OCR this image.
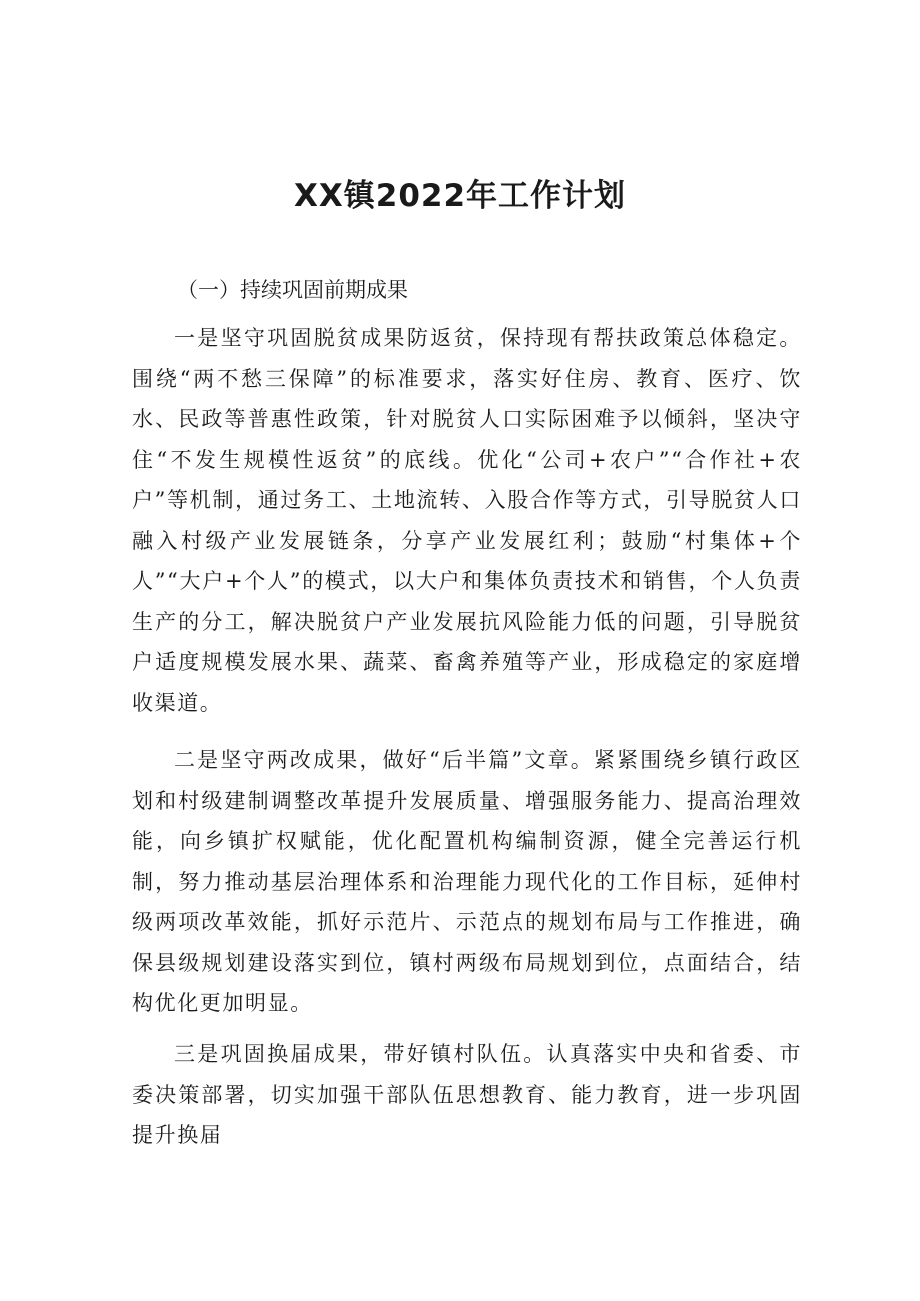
XX镇2022年工作计划

（一）持续巩固前期成果

一是坚守巩固脱贫成果防返贫，保持现有帮扶政策总体稳定。围绕“两不愁三保障”的标准要求，落实好住房、教育、医疗、饮水、民政等普惠性政策，针对脱贫人口实际困难予以倾斜，坚决守住“不发生规模性返贫”的底线。优化“公司+农户”“合作社+农户”等机制，通过务工、土地流转、入股合作等方式，引导脱贫人口融入村级产业发展链条，分享产业发展红利；鼓励“村集体+个人”“大户+个人”的模式，以大户和集体负责技术和销售，个人负责生产的分工，解决脱贫户产业发展抗风险能力低的问题，引导脱贫户适度规模发展水果、蔬菜、畜禽养殖等产业，形成稳定的家庭增收渠道。

二是坚守两改成果，做好“后半篇”文章。紧紧围绕乡镇行政区划和村级建制调整改革提升发展质量、增强服务能力、提高治理效能，向乡镇扩权赋能，优化配置机构编制资源，健全完善运行机制，努力推动基层治理体系和治理能力现代化的工作目标，延伸村级两项改革效能，抓好示范片、示范点的规划布局与工作推进，确保县级规划建设落实到位，镇村两级布局规划到位，点面结合，结构优化更加明显。

三是巩固换届成果，带好镇村队伍。认真落实中央和省委、市委决策部署，切实加强干部队伍思想教育、能力教育，进一步巩固提升换届
